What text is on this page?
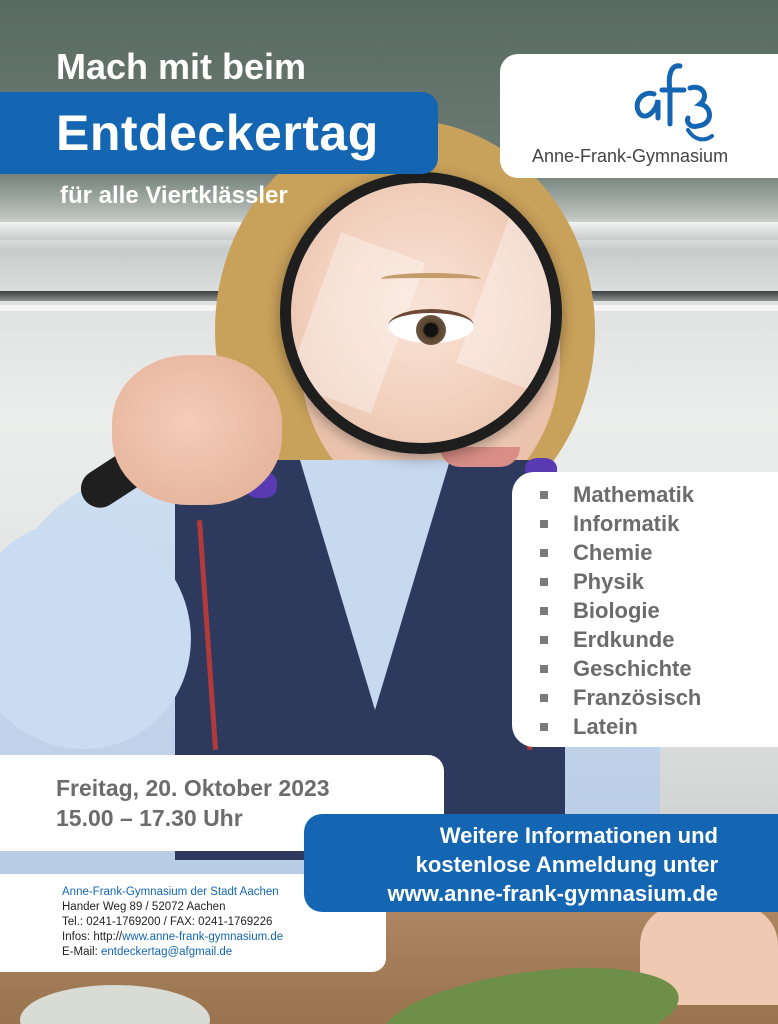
Mach mit beim
Entdeckertag
für alle Viertklässler
Anne-Frank-Gymnasium
Mathematik
Informatik
Chemie
Physik
Biologie
Erdkunde
Geschichte
Französisch
Latein
Freitag, 20. Oktober 2023
15.00 – 17.30 Uhr
Anne-Frank-Gymnasium der Stadt Aachen
Hander Weg 89 / 52072 Aachen
Tel.: 0241-1769200 / FAX: 0241-1769226
Infos: http://www.anne-frank-gymnasium.de
E-Mail: entdeckertag@afgmail.de
Weitere Informationen und
kostenlose Anmeldung unter
www.anne-frank-gymnasium.de
